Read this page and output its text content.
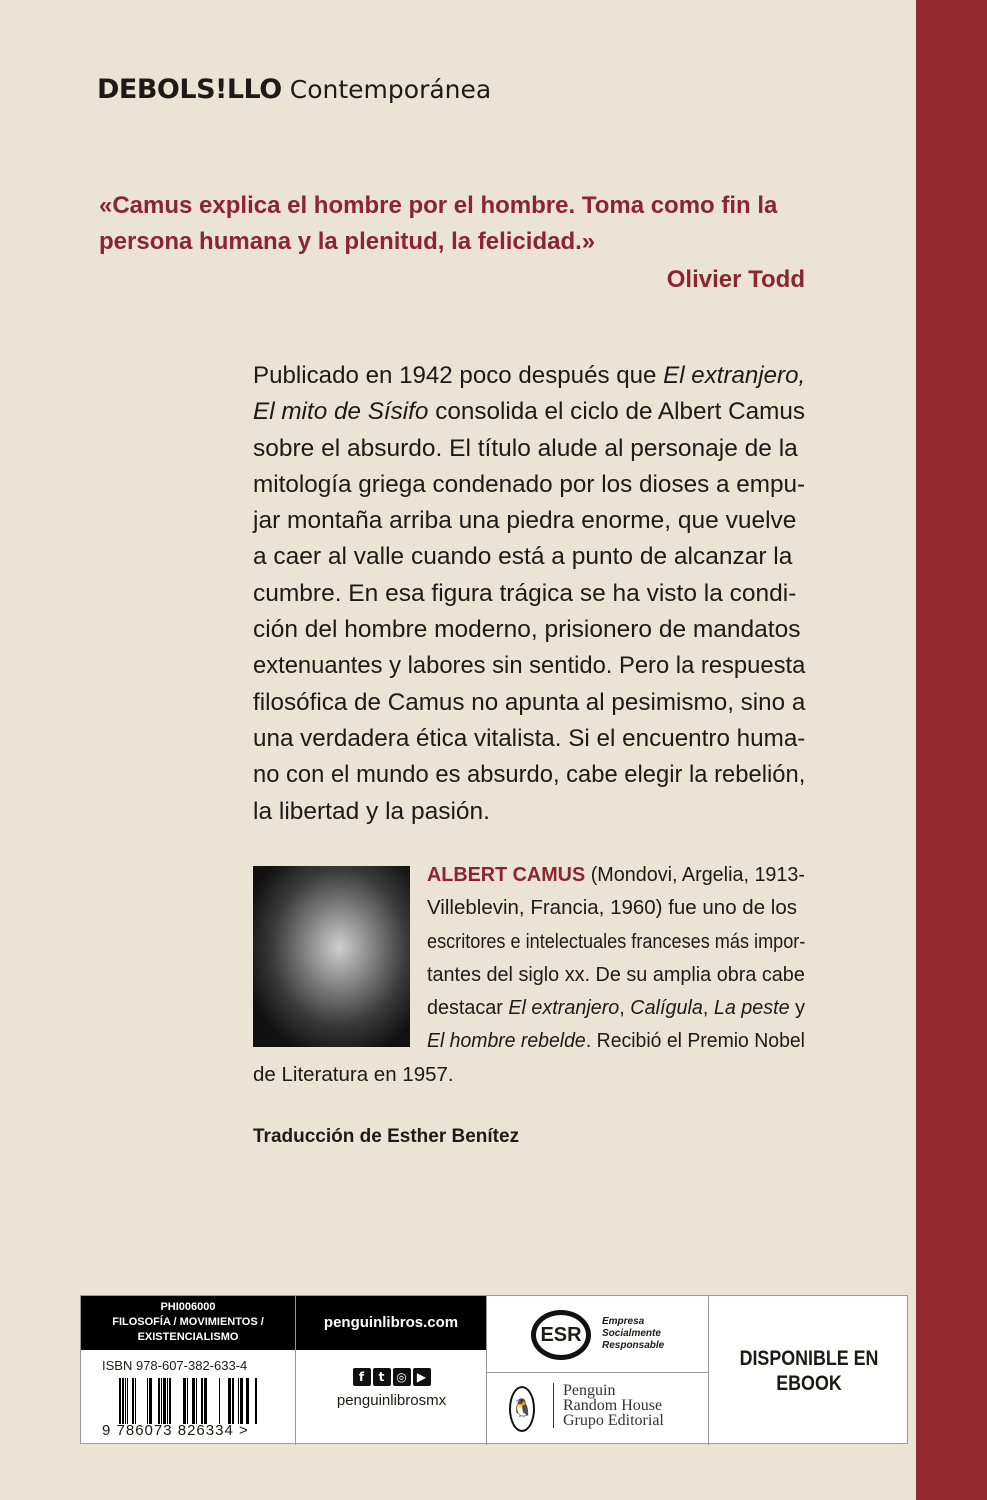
DEBOLS!LLO Contemporánea
«Camus explica el hombre por el hombre. Toma como fin la
persona humana y la plenitud, la felicidad.»
Olivier Todd
Publicado en 1942 poco después que El extranjero,
El mito de Sísifo consolida el ciclo de Albert Camus
sobre el absurdo. El título alude al personaje de la
mitología griega condenado por los dioses a empu-
jar montaña arriba una piedra enorme, que vuelve
a caer al valle cuando está a punto de alcanzar la
cumbre. En esa figura trágica se ha visto la condi-
ción del hombre moderno, prisionero de mandatos
extenuantes y labores sin sentido. Pero la respuesta
filosófica de Camus no apunta al pesimismo, sino a
una verdadera ética vitalista. Si el encuentro huma-
no con el mundo es absurdo, cabe elegir la rebelión,
la libertad y la pasión.
ALBERT CAMUS (Mondovi, Argelia, 1913-
Villeblevin, Francia, 1960) fue uno de los
escritores e intelectuales franceses más impor-
tantes del siglo xx. De su amplia obra cabe
destacar El extranjero , Calígula , La peste y
El hombre rebelde . Recibió el Premio Nobel
de Literatura en 1957.
Traducción de Esther Benítez
PHI006000
FILOSOFÍA / MOVIMIENTOS /
EXISTENCIALISMO
penguinlibros.com
ISBN 978-607-382-633-4
9 786073 826334 >
f t ◎ ▶
penguinlibrosmx
ESR
Empresa
Socialmente
Responsable
🐧
Penguin
Random House
Grupo Editorial
DISPONIBLE EN
EBOOK
